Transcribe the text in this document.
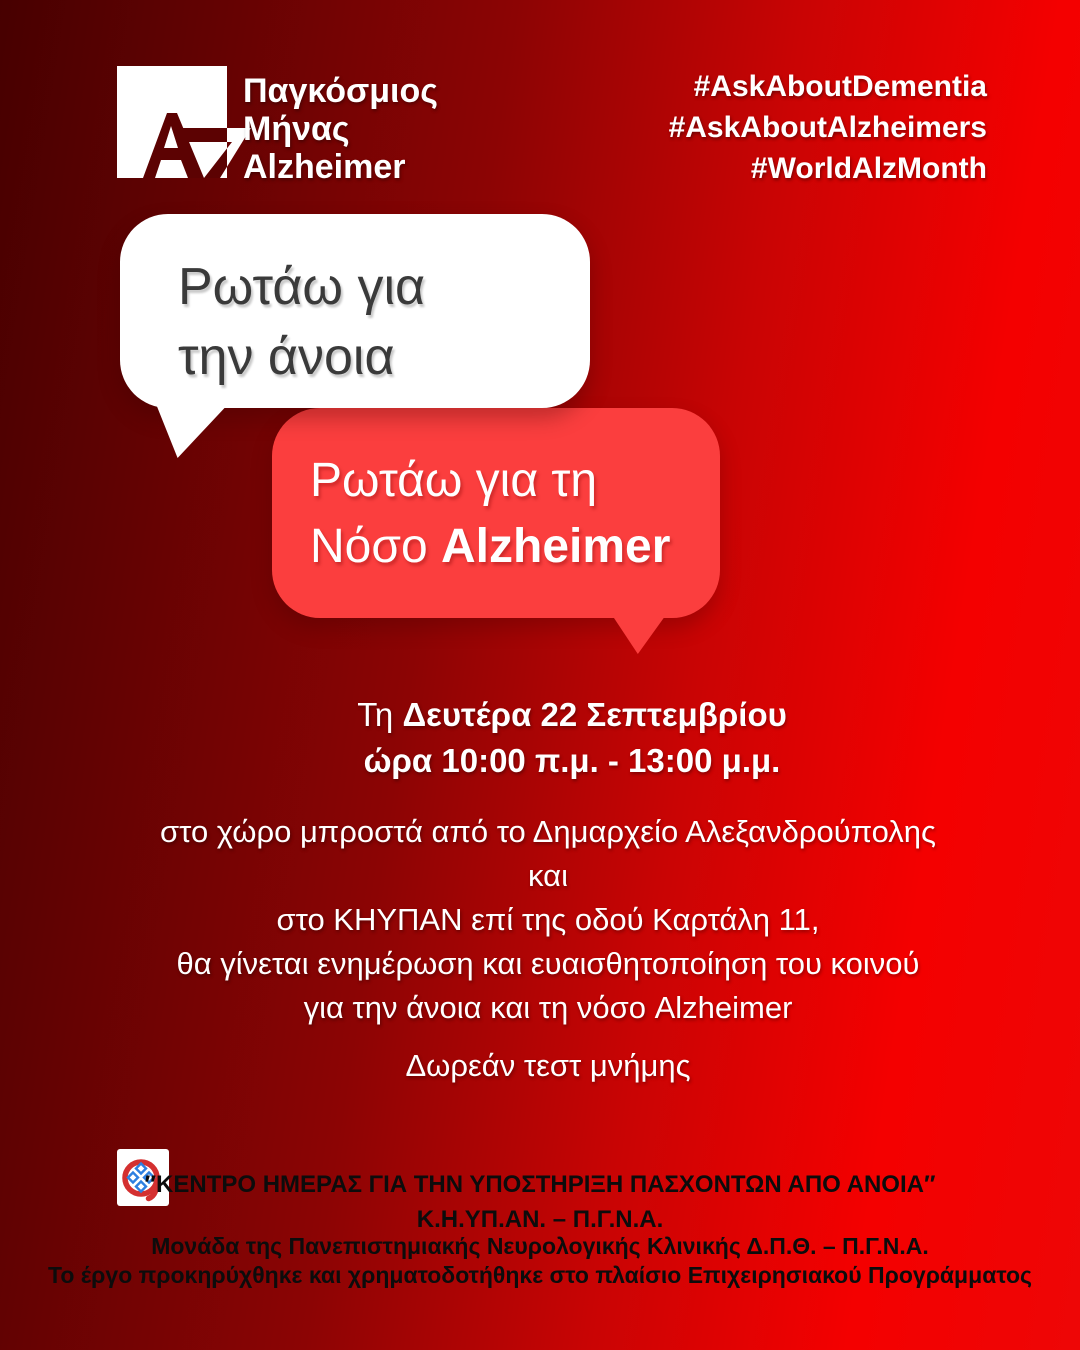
Παγκόσμιος
Μήνας
Alzheimer
#AskAboutDementia
#AskAboutAlzheimers
#WorldAlzMonth
Ρωτάω για τη
Νόσο Alzheimer
Ρωτάω για
την άνοια
Τη Δευτέρα 22 Σεπτεμβρίου
ώρα 10:00 π.μ. - 13:00 μ.μ.
στο χώρο μπροστά από το Δημαρχείο Αλεξανδρούπολης
και
στο ΚΗΥΠΑΝ επί της οδού Καρτάλη 11,
θα γίνεται ενημέρωση και ευαισθητοποίηση του κοινού
για την άνοια και τη νόσο Alzheimer
Δωρεάν τεστ μνήμης
″ΚΕΝΤΡΟ ΗΜΕΡΑΣ ΓΙΑ ΤΗΝ ΥΠΟΣΤΗΡΙΞΗ ΠΑΣΧΟΝΤΩΝ ΑΠΟ ΑΝΟΙΑ″
Κ.Η.ΥΠ.ΑΝ. – Π.Γ.Ν.Α.
Μονάδα της Πανεπιστημιακής Νευρολογικής Κλινικής Δ.Π.Θ. – Π.Γ.Ν.Α.
Το έργο προκηρύχθηκε και χρηματοδοτήθηκε στο πλαίσιο Επιχειρησιακού Προγράμματος
